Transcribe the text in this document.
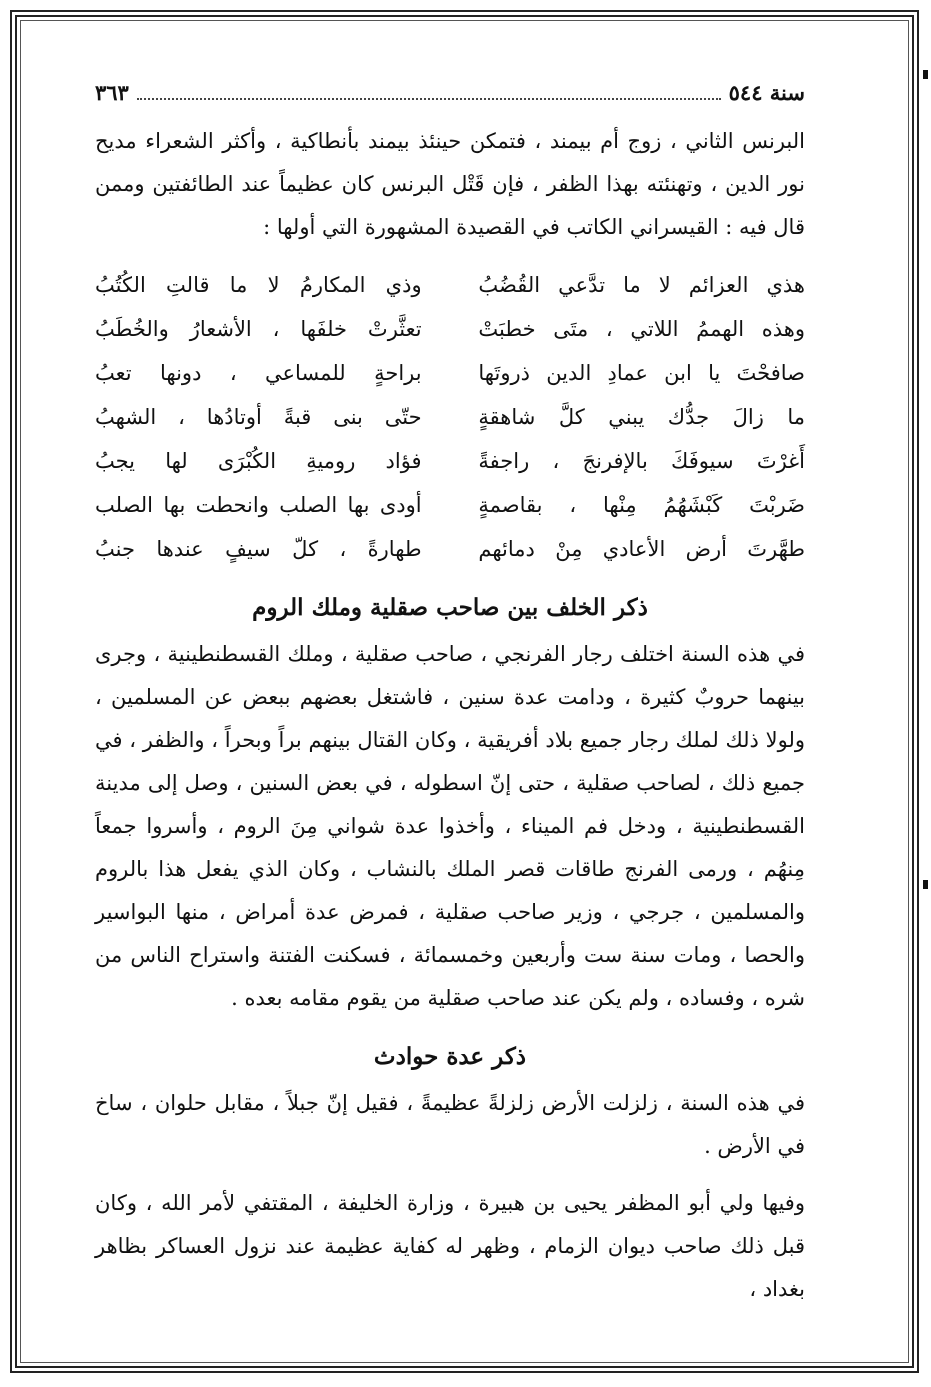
سنة ٥٤٤
٣٦٣

البرنس الثاني ، زوج أم بيمند ، فتمكن حينئذ بيمند بأنطاكية ، وأكثر الشعراء مديح نور الدين ، وتهنئته بهذا الظفر ، فإن قَتْل البرنس كان عظيماً عند الطائفتين وممن قال فيه : القيسراني الكاتب في القصيدة المشهورة التي أولها :

هذي العزائم لا ما تدَّعي القُضُبُ
وذي المكارمُ لا ما قالتِ الكُتُبُ
وهذه الهممُ اللاتي ، متَى خطبَتْ
تعثَّرتْ خلفَها ، الأشعارُ والخُطَبُ
صافحْتَ يا ابن عمادِ الدين ذروتَها
براحةٍ للمساعي ، دونها تعبُ
ما زالَ جدُّك يبني كلَّ شاهقةٍ
حتّى بنى قبةً أوتادُها ، الشهبُ
أَغرْتَ سيوفَكَ بالإفرنجَ ، راجفةً
فؤاد روميةِ الكُبْرَى لها يجبُ
ضَربْتَ كَبْشَهُمُ مِنْها ، بقاصمةٍ
أودى بها الصلب وانحطت بها الصلب
طهَّرتَ أرض الأعادي مِنْ دمائهم
طهارةً ، كلّ سيفٍ عندها جنبُ
ذكر الخلف بين صاحب صقلية وملك الروم

في هذه السنة اختلف رجار الفرنجي ، صاحب صقلية ، وملك القسطنطينية ، وجرى بينهما حروبٌ كثيرة ، ودامت عدة سنين ، فاشتغل بعضهم ببعض عن المسلمين ، ولولا ذلك لملك رجار جميع بلاد أفريقية ، وكان القتال بينهم براً وبحراً ، والظفر ، في جميع ذلك ، لصاحب صقلية ، حتى إنّ اسطوله ، في بعض السنين ، وصل إلى مدينة القسطنطينية ، ودخل فم الميناء ، وأخذوا عدة شواني مِنَ الروم ، وأسروا جمعاً مِنهُم ، ورمى الفرنج طاقات قصر الملك بالنشاب ، وكان الذي يفعل هذا بالروم والمسلمين ، جرجي ، وزير صاحب صقلية ، فمرض عدة أمراض ، منها البواسير والحصا ، ومات سنة ست وأربعين وخمسمائة ، فسكنت الفتنة واستراح الناس من شره ، وفساده ، ولم يكن عند صاحب صقلية من يقوم مقامه بعده .

ذكر عدة حوادث

في هذه السنة ، زلزلت الأرض زلزلةً عظيمةً ، فقيل إنّ جبلاً ، مقابل حلوان ، ساخ في الأرض .

وفيها ولي أبو المظفر يحيى بن هبيرة ، وزارة الخليفة ، المقتفي لأمر الله ، وكان قبل ذلك صاحب ديوان الزمام ، وظهر له كفاية عظيمة عند نزول العساكر بظاهر بغداد ،
